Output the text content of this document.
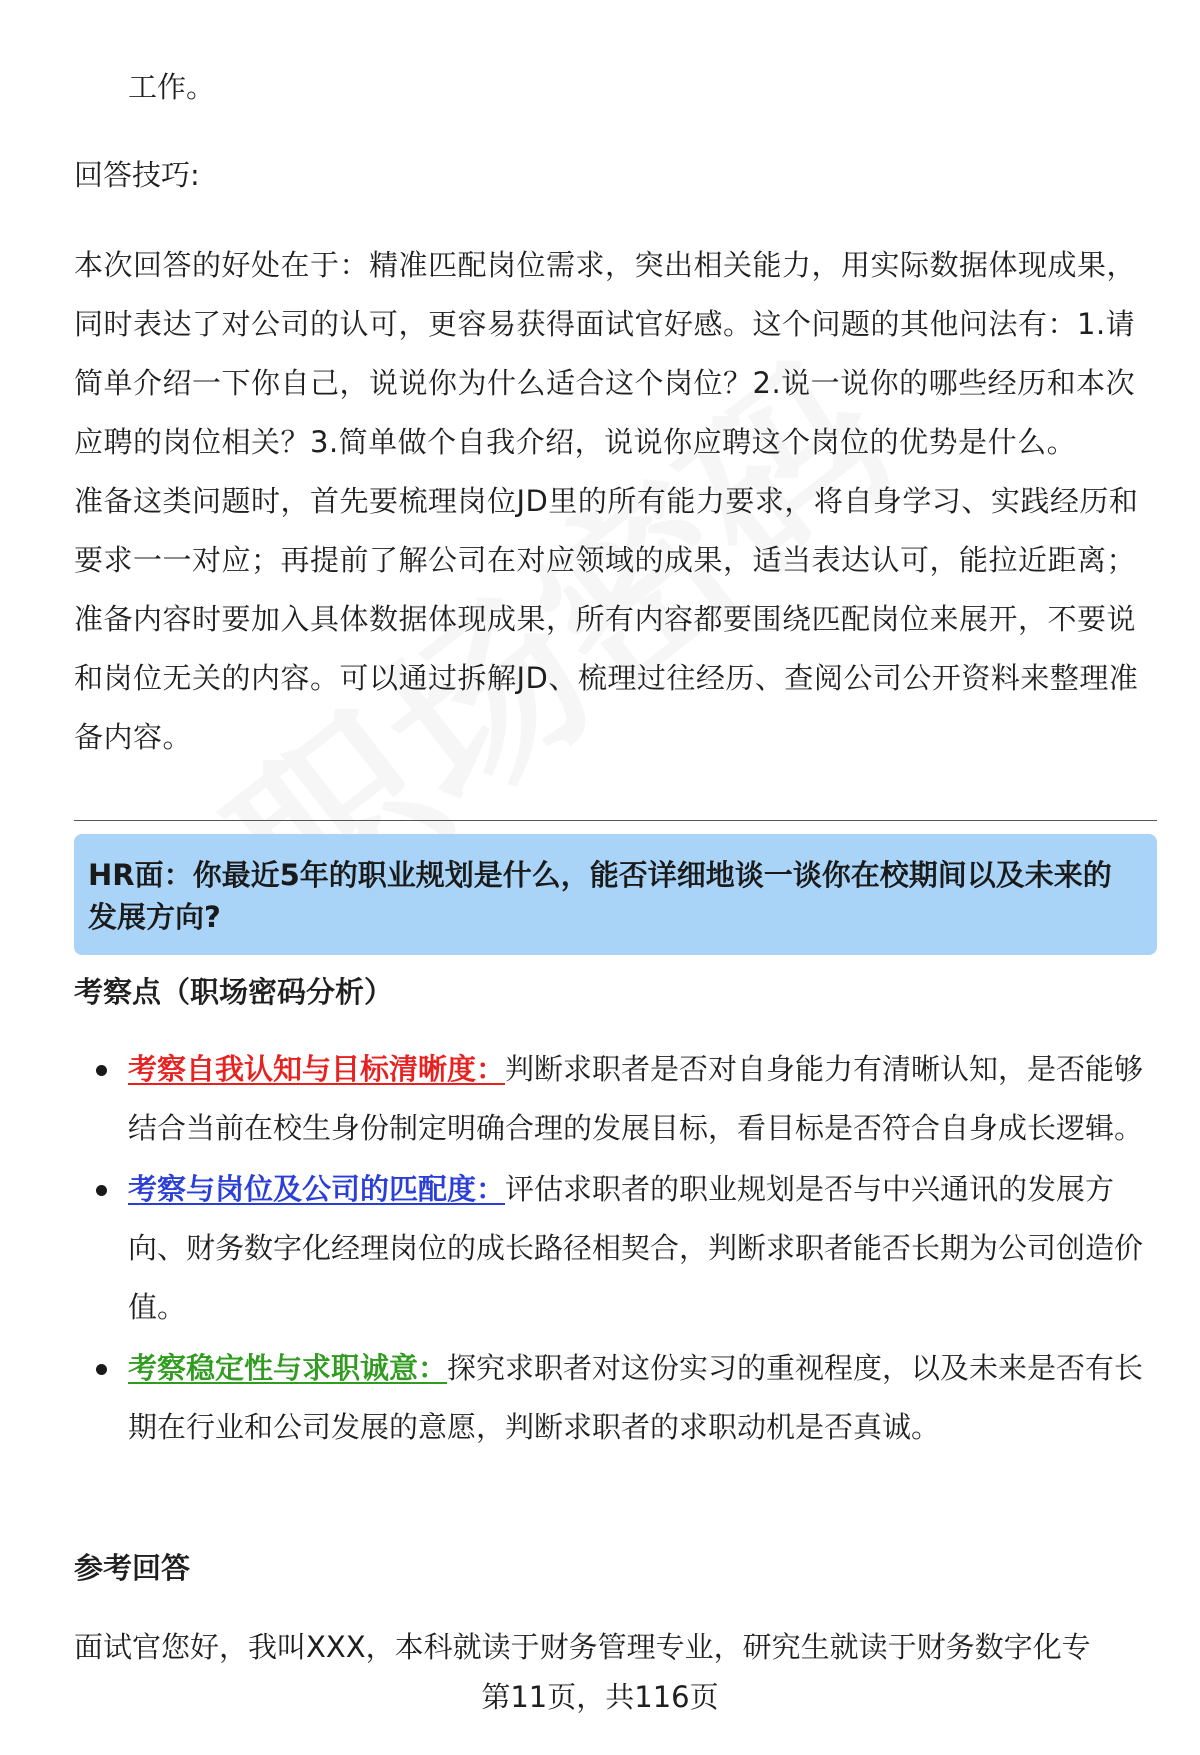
工作。
回答技巧:

本次回答的好处在于：精准匹配岗位需求，突出相关能力，用实际数据体现成果，同时表达了对公司的认可，更容易获得面试官好感。这个问题的其他问法有：1.请简单介绍一下你自己，说说你为什么适合这个岗位？2.说一说你的哪些经历和本次应聘的岗位相关？3.简单做个自我介绍，说说你应聘这个岗位的优势是什么。

准备这类问题时，首先要梳理岗位JD里的所有能力要求，将自身学习、实践经历和要求一一对应；再提前了解公司在对应领域的成果，适当表达认可，能拉近距离；准备内容时要加入具体数据体现成果，所有内容都要围绕匹配岗位来展开，不要说和岗位无关的内容。可以通过拆解JD、梳理过往经历、查阅公司公开资料来整理准备内容。

HR面：你最近5年的职业规划是什么，能否详细地谈一谈你在校期间以及未来的发展方向?
考察点（职场密码分析）
考察自我认知与目标清晰度：判断求职者是否对自身能力有清晰认知，是否能够结合当前在校生身份制定明确合理的发展目标，看目标是否符合自身成长逻辑。
考察与岗位及公司的匹配度：评估求职者的职业规划是否与中兴通讯的发展方向、财务数字化经理岗位的成长路径相契合，判断求职者能否长期为公司创造价值。
考察稳定性与求职诚意：探究求职者对这份实习的重视程度，以及未来是否有长期在行业和公司发展的意愿，判断求职者的求职动机是否真诚。
参考回答
面试官您好，我叫XXX，本科就读于财务管理专业，研究生就读于财务数字化专
第11页，共116页
